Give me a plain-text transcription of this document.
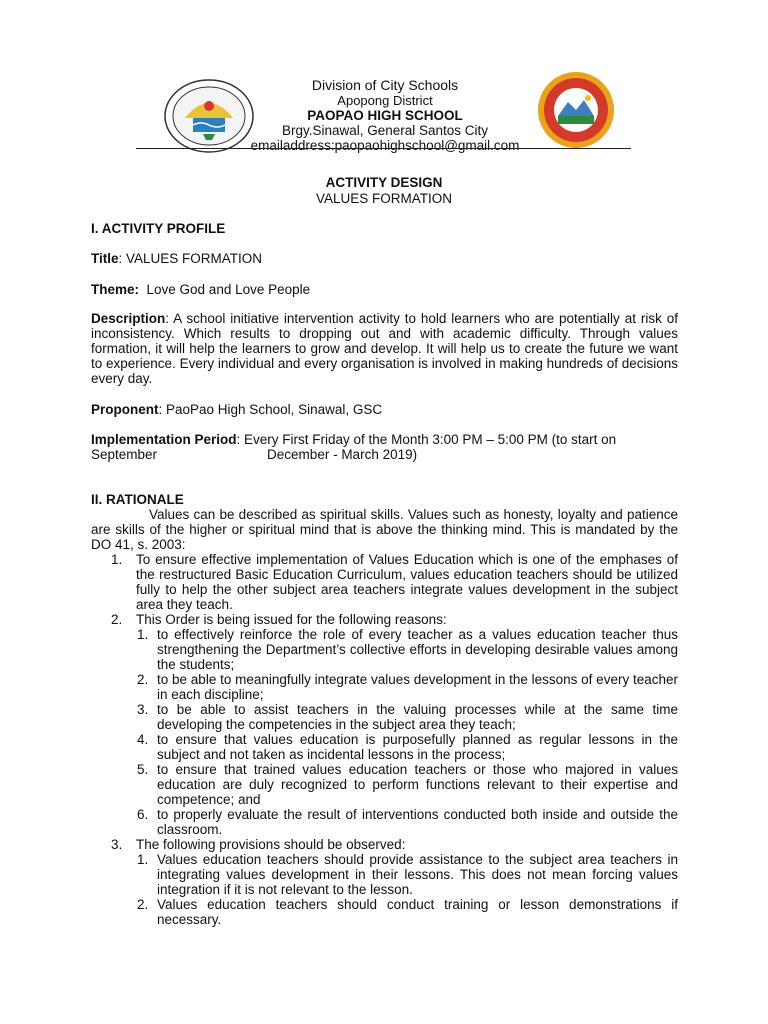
Division of City Schools
Apopong District
PAOPAO HIGH SCHOOL
Brgy.Sinawal, General Santos City
emailaddress:paopaohighschool@gmail.com
ACTIVITY DESIGN
VALUES FORMATION
I. ACTIVITY PROFILE
Title: VALUES FORMATION
Theme:  Love God and Love People
Description: A school initiative intervention activity to hold learners who are potentially at risk of inconsistency. Which results to dropping out and with academic difficulty. Through values formation, it will help the learners to grow and develop. It will help us to create the future we want to experience. Every individual and every organisation is involved in making hundreds of decisions every day.
Proponent: PaoPao High School, Sinawal, GSC
Implementation Period: Every First Friday of the Month 3:00 PM – 5:00 PM (to start on
September	December - March 2019)
II. RATIONALE
Values can be described as spiritual skills. Values such as honesty, loyalty and patience are skills of the higher or spiritual mind that is above the thinking mind. This is mandated by the DO 41, s. 2003:
1. To ensure effective implementation of Values Education which is one of the emphases of the restructured Basic Education Curriculum, values education teachers should be utilized fully to help the other subject area teachers integrate values development in the subject area they teach.
2. This Order is being issued for the following reasons:
1. to effectively reinforce the role of every teacher as a values education teacher thus strengthening the Department’s collective efforts in developing desirable values among the students;
2. to be able to meaningfully integrate values development in the lessons of every teacher in each discipline;
3. to be able to assist teachers in the valuing processes while at the same time developing the competencies in the subject area they teach;
4. to ensure that values education is purposefully planned as regular lessons in the subject and not taken as incidental lessons in the process;
5. to ensure that trained values education teachers or those who majored in values education are duly recognized to perform functions relevant to their expertise and competence; and
6. to properly evaluate the result of interventions conducted both inside and outside the classroom.
3. The following provisions should be observed:
1. Values education teachers should provide assistance to the subject area teachers in integrating values development in their lessons. This does not mean forcing values integration if it is not relevant to the lesson.
2. Values education teachers should conduct training or lesson demonstrations if necessary.
